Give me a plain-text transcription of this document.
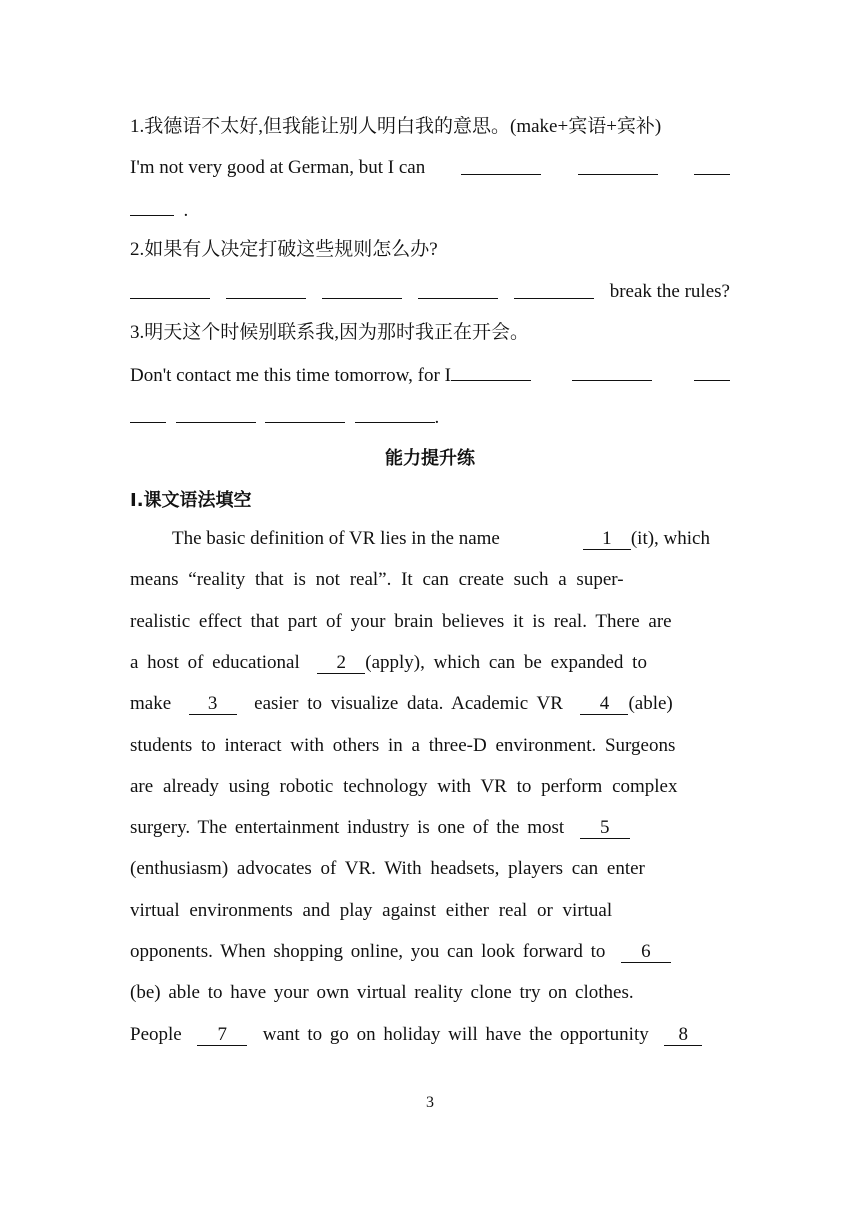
1.我德语不太好,但我能让别人明白我的意思。(make+宾语+宾补)
I'm not very good at German, but I can
.
2.如果有人决定打破这些规则怎么办?
break the rules?
3.明天这个时候别联系我,因为那时我正在开会。
Don't contact me this time tomorrow, for I
.
能力提升练
Ⅰ.课文语法填空
The basic definition of VR lies in the name	1 (it), which
means “reality that is not real”. It can create such a super-
realistic effect that part of your brain believes it is real. There are
a host of educational 2 (apply), which can be expanded to
make 3 easier to visualize data. Academic VR 4 (able)
students to interact with others in a three-D environment. Surgeons
are already using robotic technology with VR to perform complex
surgery. The entertainment industry is one of the most 5
(enthusiasm) advocates of VR. With headsets, players can enter
virtual environments and play against either real or virtual
opponents. When shopping online, you can look forward to 6
(be) able to have your own virtual reality clone try on clothes.
People 7 want to go on holiday will have the opportunity 8
3
